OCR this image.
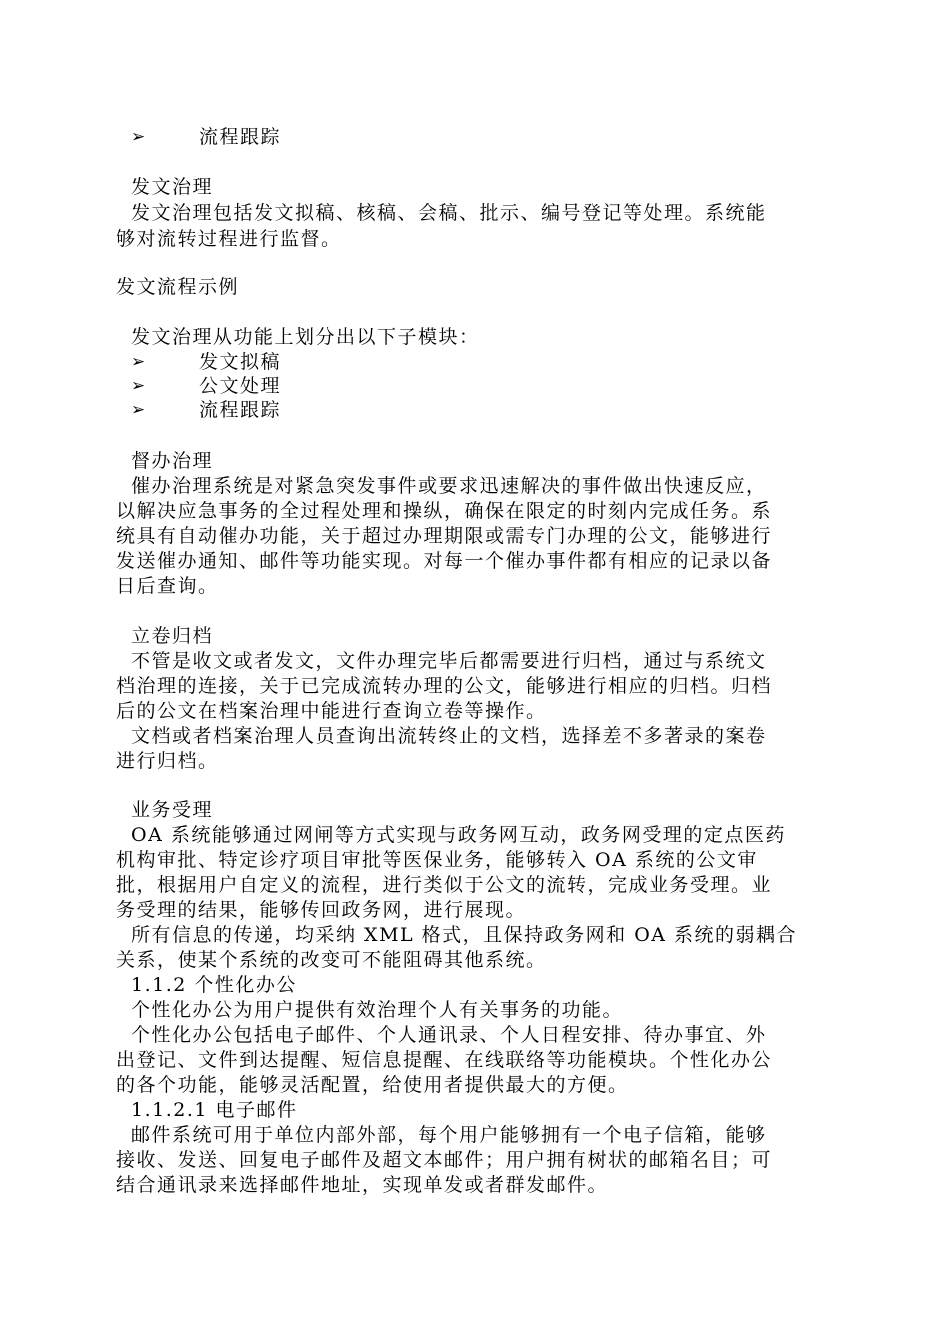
➢	流程跟踪
发文治理
发文治理包括发文拟稿、核稿、会稿、批示、编号登记等处理。系统能
够对流转过程进行监督。
发文流程示例
发文治理从功能上划分出以下子模块：
➢	发文拟稿
➢	公文处理
➢	流程跟踪
督办治理
催办治理系统是对紧急突发事件或要求迅速解决的事件做出快速反应，
以解决应急事务的全过程处理和操纵，确保在限定的时刻内完成任务。系
统具有自动催办功能，关于超过办理期限或需专门办理的公文，能够进行
发送催办通知、邮件等功能实现。对每一个催办事件都有相应的记录以备
日后查询。
立卷归档
不管是收文或者发文，文件办理完毕后都需要进行归档，通过与系统文
档治理的连接，关于已完成流转办理的公文，能够进行相应的归档。归档
后的公文在档案治理中能进行查询立卷等操作。
文档或者档案治理人员查询出流转终止的文档，选择差不多著录的案卷
进行归档。
业务受理
OA 系统能够通过网闸等方式实现与政务网互动，政务网受理的定点医药
机构审批、特定诊疗项目审批等医保业务，能够转入 OA 系统的公文审
批，根据用户自定义的流程，进行类似于公文的流转，完成业务受理。业
务受理的结果，能够传回政务网，进行展现。
所有信息的传递，均采纳 XML 格式，且保持政务网和 OA 系统的弱耦合
关系，使某个系统的改变可不能阻碍其他系统。
1.1.2 个性化办公
个性化办公为用户提供有效治理个人有关事务的功能。
个性化办公包括电子邮件、个人通讯录、个人日程安排、待办事宜、外
出登记、文件到达提醒、短信息提醒、在线联络等功能模块。个性化办公
的各个功能，能够灵活配置，给使用者提供最大的方便。
1.1.2.1 电子邮件
邮件系统可用于单位内部外部，每个用户能够拥有一个电子信箱，能够
接收、发送、回复电子邮件及超文本邮件；用户拥有树状的邮箱名目；可
结合通讯录来选择邮件地址，实现单发或者群发邮件。
